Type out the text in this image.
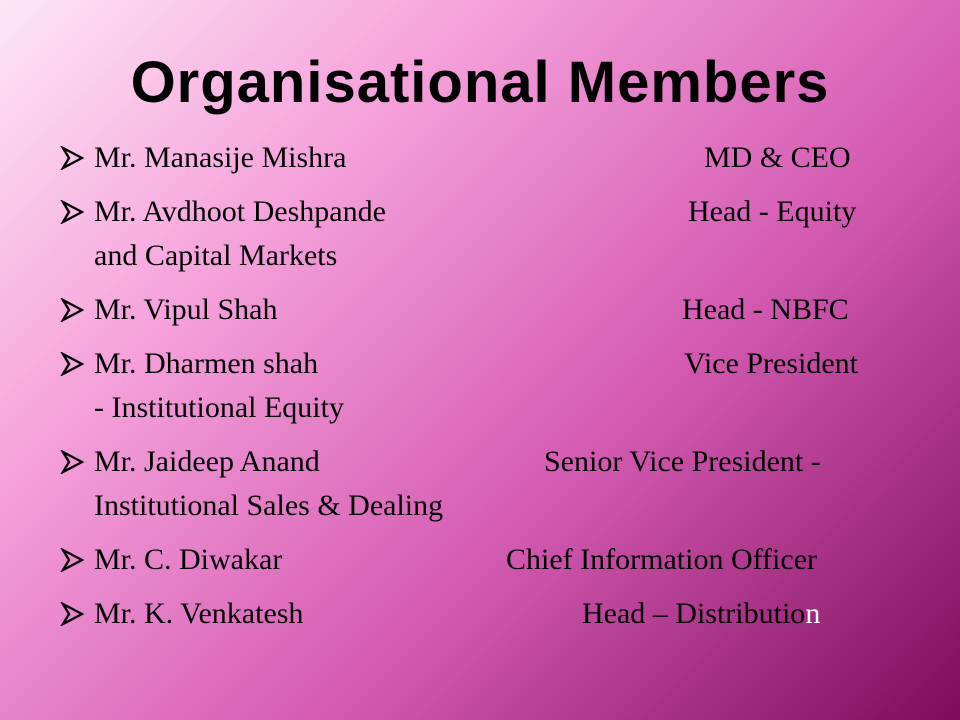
Organisational Members
Mr. Manasije Mishra	MD & CEO
Mr. Avdhoot Deshpande	Head - Equity
and Capital Markets
Mr. Vipul Shah	Head - NBFC
Mr. Dharmen shah	Vice President
- Institutional Equity
Mr. Jaideep Anand	Senior Vice President -
Institutional Sales & Dealing
Mr. C. Diwakar	Chief Information Officer
Mr. K. Venkatesh	Head – Distribution
